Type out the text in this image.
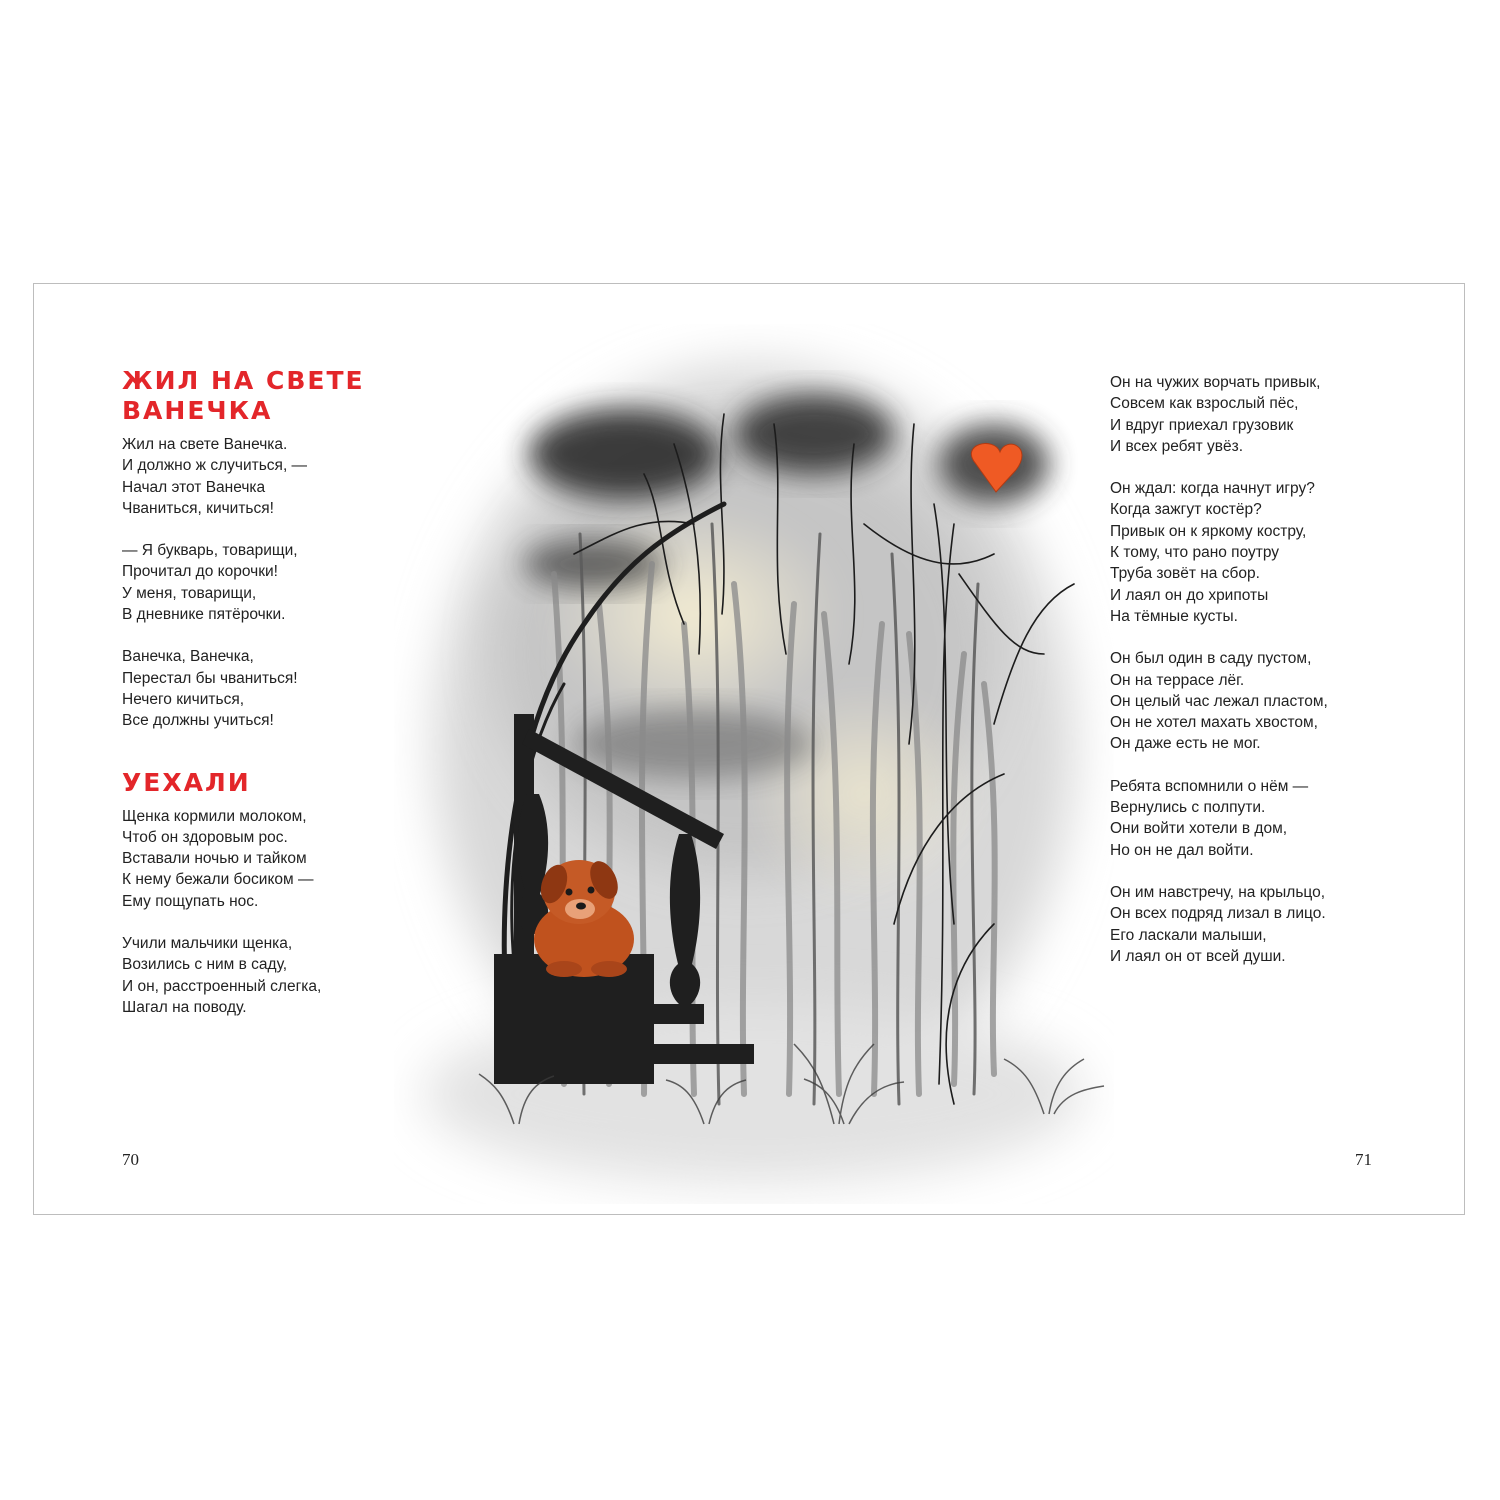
ЖИЛ НА СВЕТЕ
ВАНЕЧКА
Жил на свете Ванечка.
И должно ж случиться, —
Начал этот Ванечка
Чваниться, кичиться!
— Я букварь, товарищи,
Прочитал до корочки!
У меня, товарищи,
В дневнике пятёрочки.
Ванечка, Ванечка,
Перестал бы чваниться!
Нечего кичиться,
Все должны учиться!
УЕХАЛИ
Щенка кормили молоком,
Чтоб он здоровым рос.
Вставали ночью и тайком
К нему бежали босиком —
Ему пощупать нос.
Учили мальчики щенка,
Возились с ним в саду,
И он, расстроенный слегка,
Шагал на поводу.
Он на чужих ворчать привык,
Совсем как взрослый пёс,
И вдруг приехал грузовик
И всех ребят увёз.
Он ждал: когда начнут игру?
Когда зажгут костёр?
Привык он к яркому костру,
К тому, что рано поутру
Труба зовёт на сбор.
И лаял он до хрипоты
На тёмные кусты.
Он был один в саду пустом,
Он на террасе лёг.
Он целый час лежал пластом,
Он не хотел махать хвостом,
Он даже есть не мог.
Ребята вспомнили о нём —
Вернулись с полпути.
Они войти хотели в дом,
Но он не дал войти.
Он им навстречу, на крыльцо,
Он всех подряд лизал в лицо.
Его ласкали малыши,
И лаял он от всей души.
70	71
